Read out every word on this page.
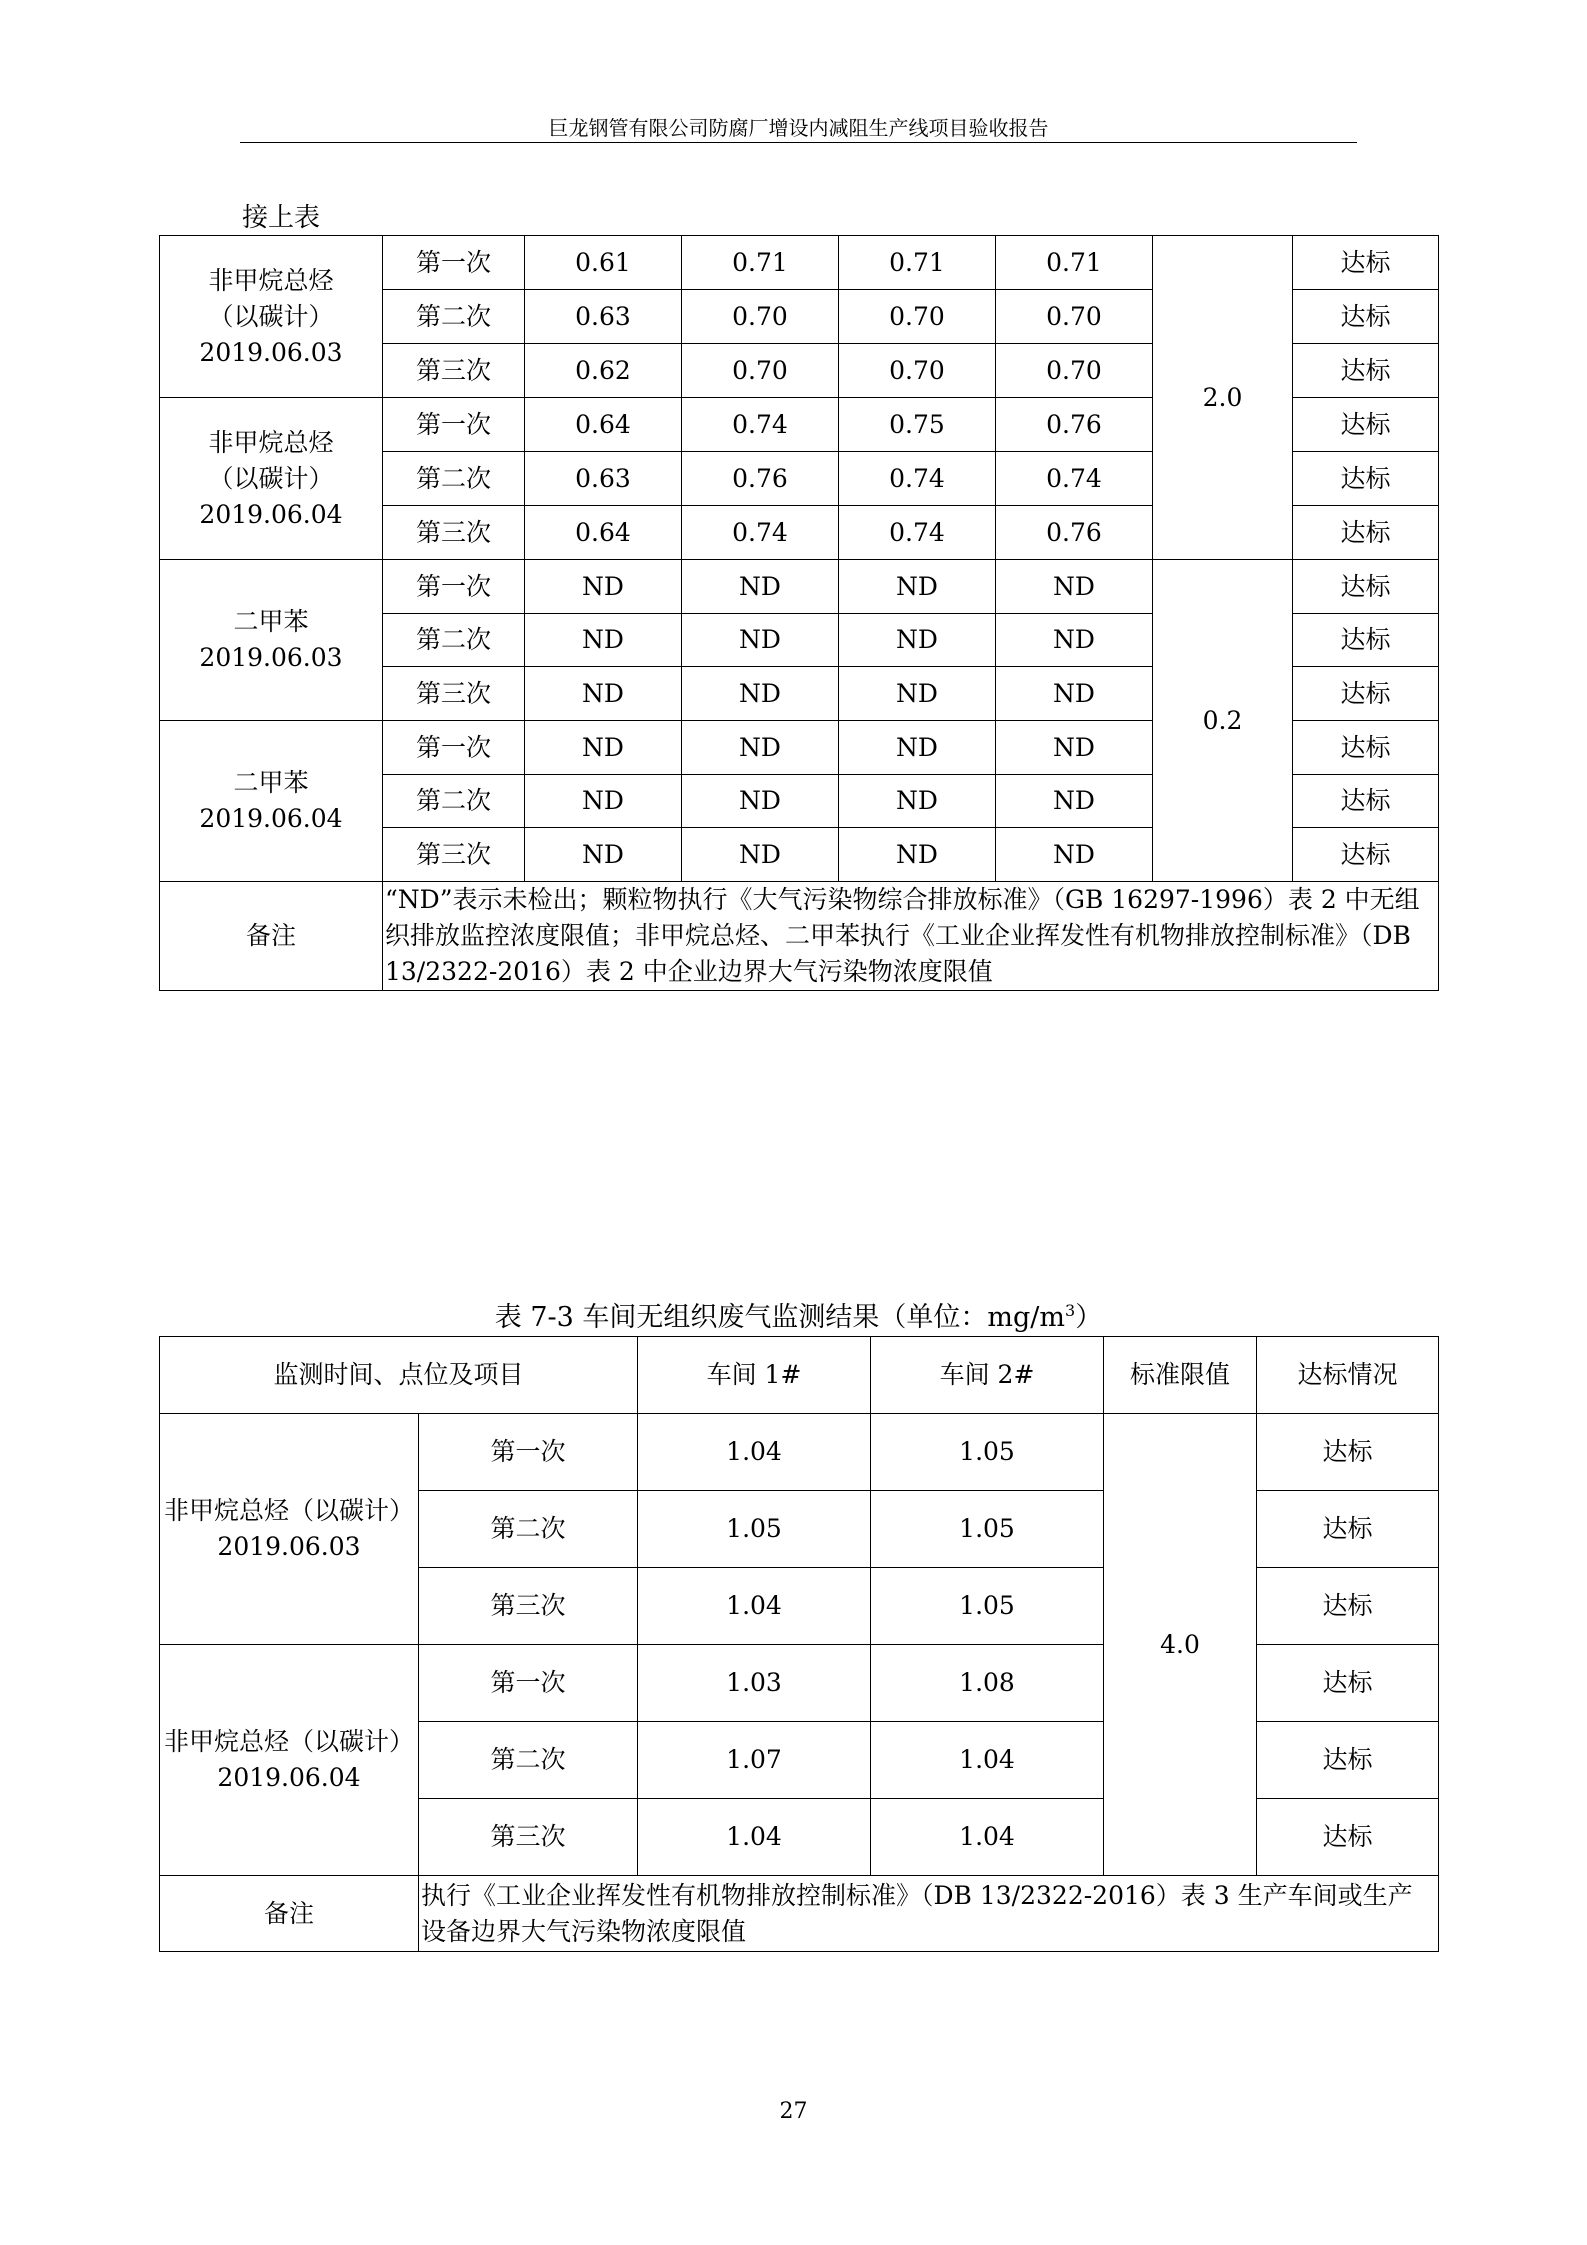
巨龙钢管有限公司防腐厂增设内减阻生产线项目验收报告
接上表
非甲烷总烃
（以碳计）
2019.06.03	第一次	0.61	0.71	0.71	0.71	2.0	达标
	第二次	0.63	0.70	0.70	0.70		达标
	第三次	0.62	0.70	0.70	0.70		达标

非甲烷总烃
（以碳计）
2019.06.04	第一次	0.64	0.74	0.75	0.76		达标
	第二次	0.63	0.76	0.74	0.74		达标
	第三次	0.64	0.74	0.74	0.76		达标

二甲苯
2019.06.03	第一次	ND	ND	ND	ND	0.2	达标
	第二次	ND	ND	ND	ND		达标
	第三次	ND	ND	ND	ND		达标

二甲苯
2019.06.04	第一次	ND	ND	ND	ND		达标
	第二次	ND	ND	ND	ND		达标
	第三次	ND	ND	ND	ND		达标
备注	“ND”表示未检出；颗粒物执行《大气污染物综合排放标准》（GB 16297-1996）表 2 中无组织排放监控浓度限值；非甲烷总烃、二甲苯执行《工业企业挥发性有机物排放控制标准》（DB 13/2322-2016）表 2 中企业边界大气污染物浓度限值						
表 7-3 车间无组织废气监测结果（单位：$mg/m^3$）
监测时间、点位及项目		车间 1#	车间 2#	标准限值	达标情况

非甲烷总烃（以碳计）
2019.06.03	第一次	1.04	1.05	4.0	达标
	第二次	1.05	1.05		达标
	第三次	1.04	1.05		达标

非甲烷总烃（以碳计）
2019.06.04	第一次	1.03	1.08		达标
	第二次	1.07	1.04		达标
	第三次	1.04	1.04		达标
备注	执行《工业企业挥发性有机物排放控制标准》（DB 13/2322-2016）表 3 生产车间或生产设备边界大气污染物浓度限值				
27
